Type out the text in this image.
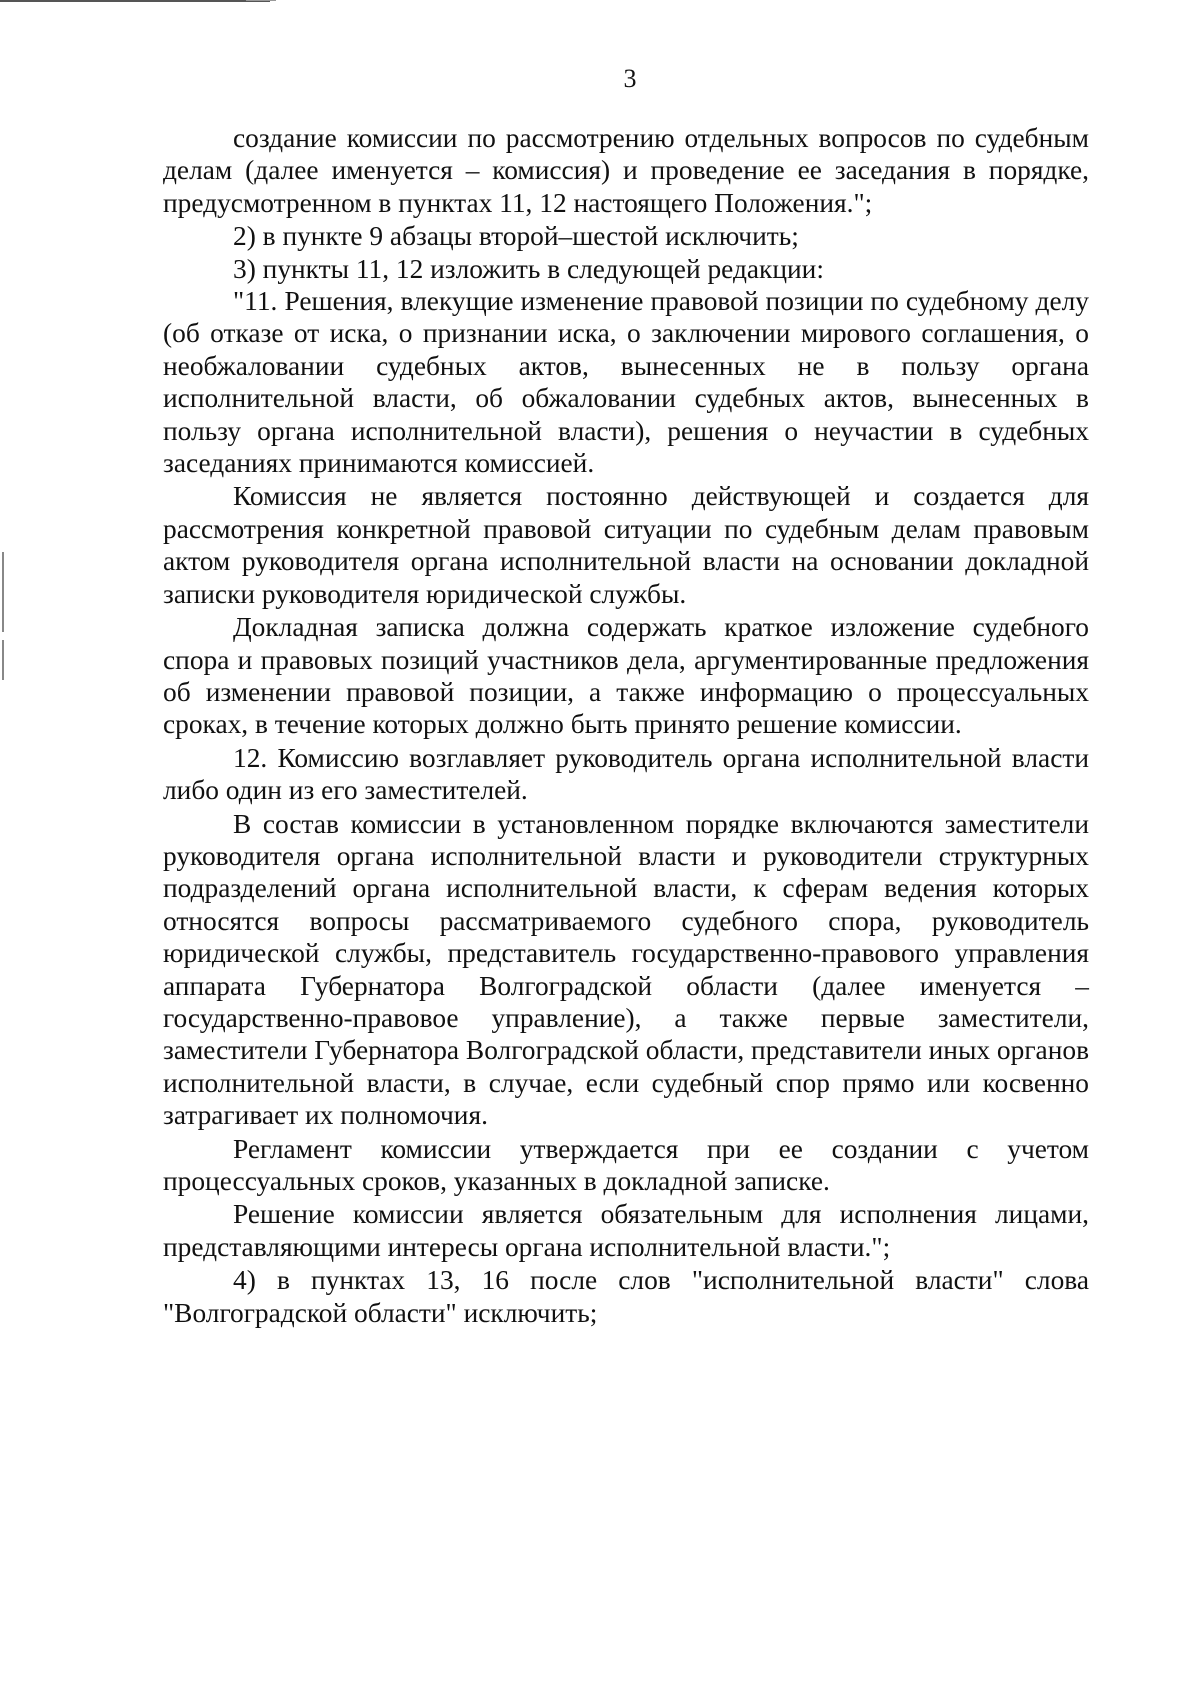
3

создание комиссии по рассмотрению отдельных вопросов по судебным делам (далее именуется – комиссия) и проведение ее заседания в порядке, предусмотренном в пунктах 11, 12 настоящего Положения.";

2) в пункте 9 абзацы второй–шестой исключить;

3) пункты 11, 12 изложить в следующей редакции:

"11. Решения, влекущие изменение правовой позиции по судебному делу (об отказе от иска, о признании иска, о заключении мирового соглашения, о необжаловании судебных актов, вынесенных не в пользу органа исполнительной власти, об обжаловании судебных актов, вынесенных в пользу органа исполнительной власти), решения о неучастии в судебных заседаниях принимаются комиссией.

Комиссия не является постоянно действующей и создается для рассмотрения конкретной правовой ситуации по судебным делам правовым актом руководителя органа исполнительной власти на основании докладной записки руководителя юридической службы.

Докладная записка должна содержать краткое изложение судебного спора и правовых позиций участников дела, аргументированные предложения об изменении правовой позиции, а также информацию о процессуальных сроках, в течение которых должно быть принято решение комиссии.

12. Комиссию возглавляет руководитель органа исполнительной власти либо один из его заместителей.

В состав комиссии в установленном порядке включаются заместители руководителя органа исполнительной власти и руководители структурных подразделений органа исполнительной власти, к сферам ведения которых относятся вопросы рассматриваемого судебного спора, руководитель юридической службы, представитель государственно-правового управления аппарата Губернатора Волгоградской области (далее именуется – государственно-правовое управление), а также первые заместители, заместители Губернатора Волгоградской области, представители иных органов исполнительной власти, в случае, если судебный спор прямо или косвенно затрагивает их полномочия.

Регламент комиссии утверждается при ее создании с учетом процессуальных сроков, указанных в докладной записке.

Решение комиссии является обязательным для исполнения лицами, представляющими интересы органа исполнительной власти.";

4) в пунктах 13, 16 после слов "исполнительной власти" слова "Волгоградской области" исключить;
